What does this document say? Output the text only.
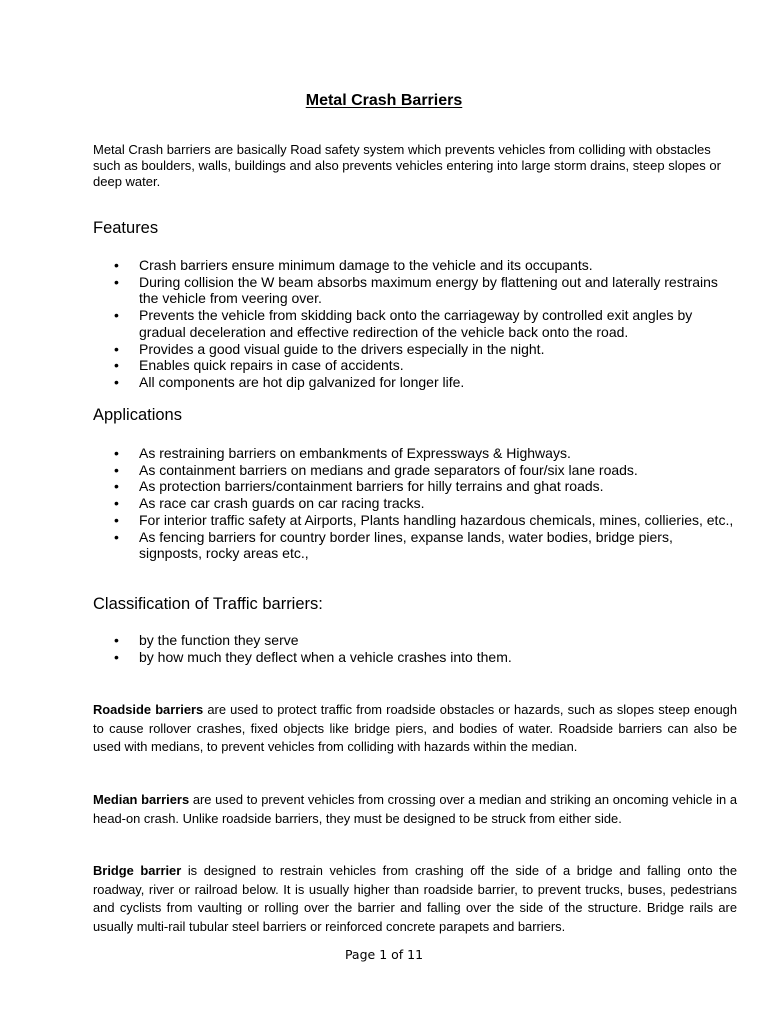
Metal Crash Barriers

Metal Crash barriers are basically Road safety system which prevents vehicles from colliding with obstacles such as boulders, walls, buildings and also prevents vehicles entering into large storm drains, steep slopes or deep water.

Features
• Crash barriers ensure minimum damage to the vehicle and its occupants.
• During collision the W beam absorbs maximum energy by flattening out and laterally restrains the vehicle from veering over.
• Prevents the vehicle from skidding back onto the carriageway by controlled exit angles by gradual deceleration and effective redirection of the vehicle back onto the road.
• Provides a good visual guide to the drivers especially in the night.
• Enables quick repairs in case of accidents.
• All components are hot dip galvanized for longer life.
Applications
• As restraining barriers on embankments of Expressways & Highways.
• As containment barriers on medians and grade separators of four/six lane roads.
• As protection barriers/containment barriers for hilly terrains and ghat roads.
• As race car crash guards on car racing tracks.
• For interior traffic safety at Airports, Plants handling hazardous chemicals, mines, collieries, etc.,
• As fencing barriers for country border lines, expanse lands, water bodies, bridge piers, signposts, rocky areas etc.,
Classification of Traffic barriers:
• by the function they serve
• by how much they deflect when a vehicle crashes into them.

Roadside barriers are used to protect traffic from roadside obstacles or hazards, such as slopes steep enough to cause rollover crashes, fixed objects like bridge piers, and bodies of water. Roadside barriers can also be used with medians, to prevent vehicles from colliding with hazards within the median.

Median barriers are used to prevent vehicles from crossing over a median and striking an oncoming vehicle in a head-on crash. Unlike roadside barriers, they must be designed to be struck from either side.

Bridge barrier is designed to restrain vehicles from crashing off the side of a bridge and falling onto the roadway, river or railroad below. It is usually higher than roadside barrier, to prevent trucks, buses, pedestrians and cyclists from vaulting or rolling over the barrier and falling over the side of the structure. Bridge rails are usually multi-rail tubular steel barriers or reinforced concrete parapets and barriers.

Page 1 of 11
